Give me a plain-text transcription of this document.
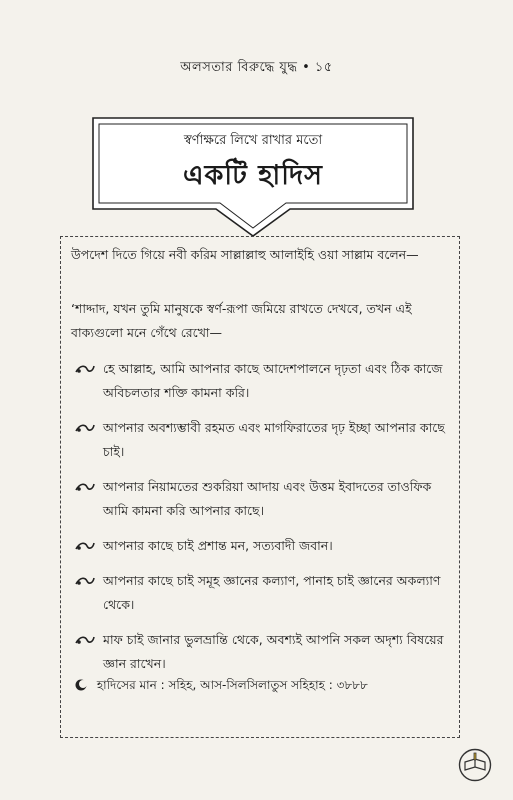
অলসতার বিরুদ্ধে যুদ্ধ • ১৫
স্বর্ণাক্ষরে লিখে রাখার মতো
একটি হাদিস
উপদেশ দিতে গিয়ে নবী করিম সাল্লাল্লাহু আলাইহি ওয়া সাল্লাম বলেন—
‘শাদ্দাদ, যখন তুমি মানুষকে স্বর্ণ-রূপা জমিয়ে রাখতে দেখবে, তখন এই বাক্যগুলো মনে গেঁথে রেখো—
হে আল্লাহ, আমি আপনার কাছে আদেশপালনে দৃঢ়তা এবং ঠিক কাজে অবিচলতার শক্তি কামনা করি।
আপনার অবশ্যম্ভাবী রহমত এবং মাগফিরাতের দৃঢ় ইচ্ছা আপনার কাছে চাই।
আপনার নিয়ামতের শুকরিয়া আদায় এবং উত্তম ইবাদতের তাওফিক আমি কামনা করি আপনার কাছে।
আপনার কাছে চাই প্রশান্ত মন, সত্যবাদী জবান।
আপনার কাছে চাই সমূহ জ্ঞানের কল্যাণ, পানাহ চাই জ্ঞানের অকল্যাণ থেকে।
মাফ চাই জানার ভুলভ্রান্তি থেকে, অবশ্যই আপনি সকল অদৃশ্য বিষয়ের জ্ঞান রাখেন।
হাদিসের মান : সহিহ, আস-সিলসিলাতুস সহিহাহ : ৩৮৮৮
